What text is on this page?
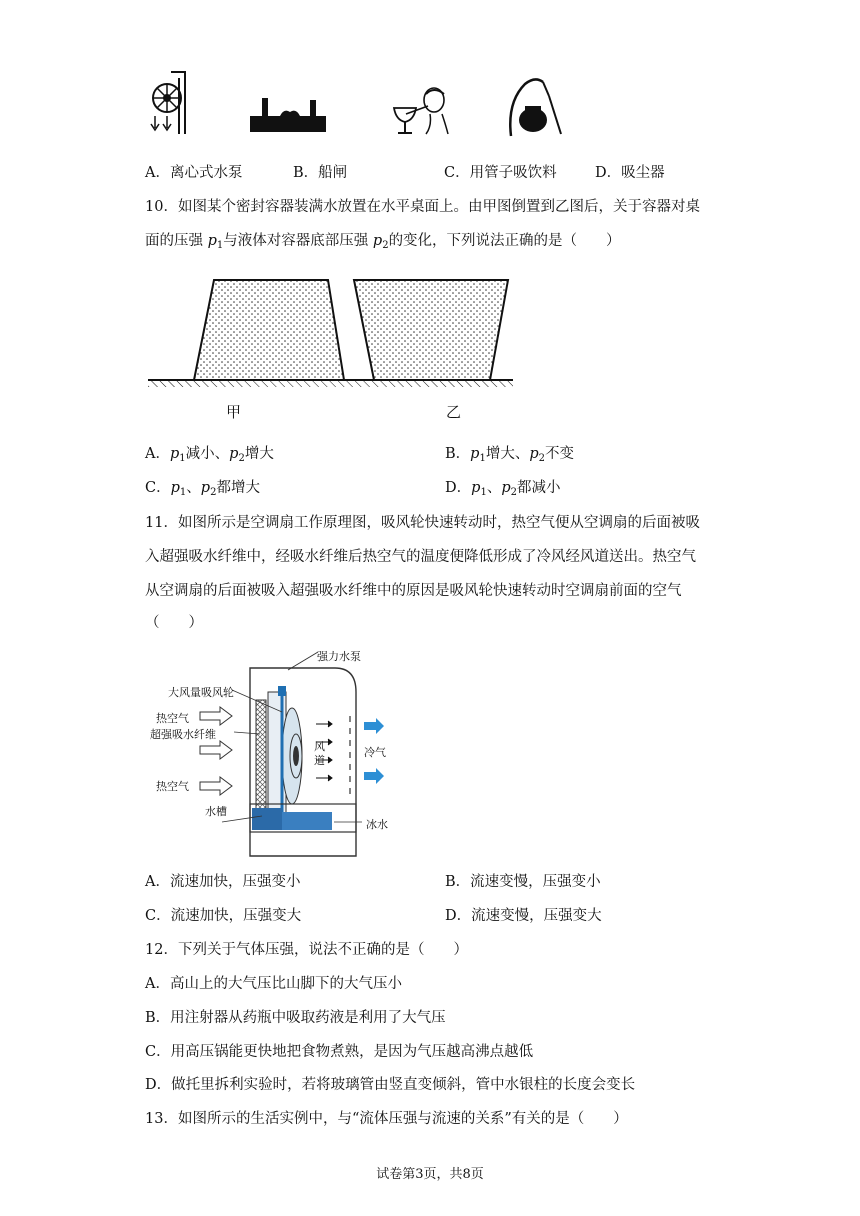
A．离心式水泵	B．船闸	C．用管子吸饮料	D．吸尘器
10．如图某个密封容器装满水放置在水平桌面上。由甲图倒置到乙图后，关于容器对桌
面的压强 $p_1$与液体对容器底部压强 $p_2$的变化，下列说法正确的是（　　）
甲	乙
A．$p_1$减小、$p_2$增大	B．$p_1$增大、$p_2$不变
C．$p_1$、$p_2$都增大	D．$p_1$、$p_2$都减小
11．如图所示是空调扇工作原理图，吸风轮快速转动时，热空气便从空调扇的后面被吸
入超强吸水纤维中，经吸水纤维后热空气的温度便降低形成了冷风经风道送出。热空气
从空调扇的后面被吸入超强吸水纤维中的原因是吸风轮快速转动时空调扇前面的空气
（　　）
强力水泵
大风量吸风轮
热空气
超强吸水纤维
热空气
水槽
风道
冷气
冰水
A．流速加快，压强变小	B．流速变慢，压强变小
C．流速加快，压强变大	D．流速变慢，压强变大
12．下列关于气体压强，说法不正确的是（　　）
A．高山上的大气压比山脚下的大气压小
B．用注射器从药瓶中吸取药液是利用了大气压
C．用高压锅能更快地把食物煮熟，是因为气压越高沸点越低
D．做托里拆利实验时，若将玻璃管由竖直变倾斜，管中水银柱的长度会变长
13．如图所示的生活实例中，与“流体压强与流速的关系”有关的是（　　）
试卷第3页，共8页
